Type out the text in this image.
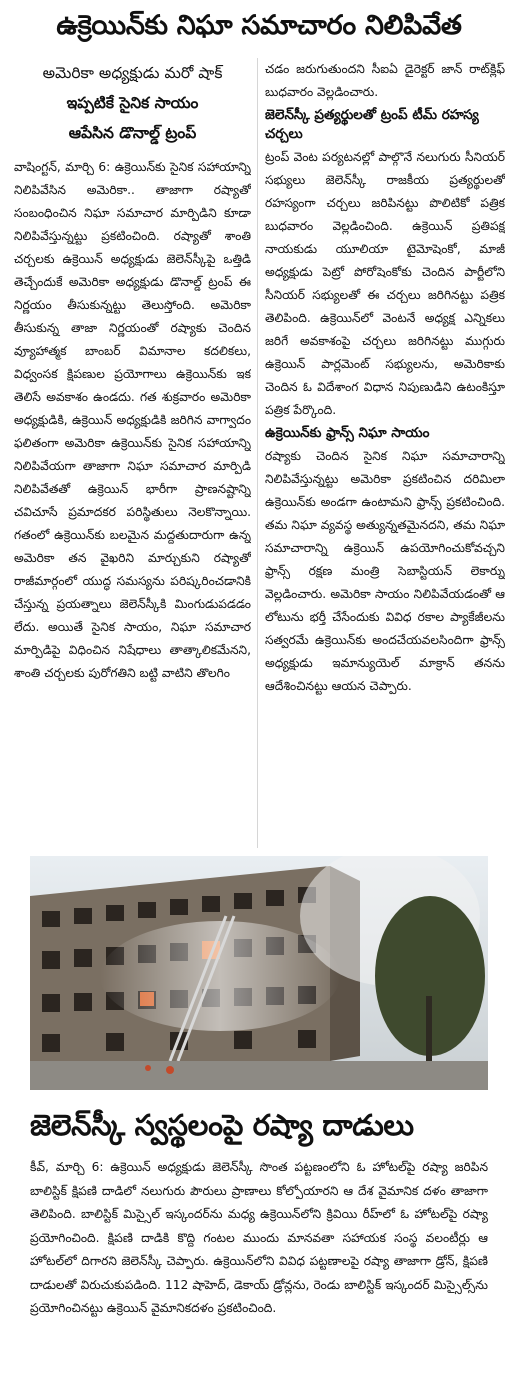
ఉక్రెయిన్‌కు నిఘా సమాచారం నిలిపివేత
అమెరికా అధ్యక్షుడు మరో షాక్
ఇప్పటికే సైనిక సాయం
ఆపేసిన డొనాల్డ్ ట్రంప్

వాషింగ్టన్, మార్చి 6: ఉక్రెయిన్‌కు సైనిక సహాయాన్ని నిలిపివేసిన అమెరికా.. తాజాగా రష్యాతో సంబంధించిన నిఘా సమాచార మార్పిడిని కూడా నిలిపివేస్తున్నట్టు ప్రకటించింది. రష్యాతో శాంతి చర్చలకు ఉక్రెయిన్ అధ్యక్షుడు జెలెన్‌స్కీపై ఒత్తిడి తెచ్చేందుకే అమెరికా అధ్యక్షుడు డొనాల్డ్ ట్రంప్ ఈ నిర్ణయం తీసుకున్నట్టు తెలుస్తోంది. అమెరికా తీసుకున్న తాజా నిర్ణయంతో రష్యాకు చెందిన వ్యూహాత్మక బాంబర్ విమానాల కదలికలు, విధ్వంసక క్షిపణుల ప్రయోగాలు ఉక్రెయిన్‌కు ఇక తెలిసే అవకాశం ఉండదు. గత శుక్రవారం అమెరికా అధ్యక్షుడికి, ఉక్రెయిన్ అధ్యక్షుడికి జరిగిన వాగ్వాదం ఫలితంగా అమెరికా ఉక్రెయిన్‌కు సైనిక సహాయాన్ని నిలిపివేయగా తాజాగా నిఘా సమాచార మార్పిడి నిలిపివేతతో ఉక్రెయిన్ భారీగా ప్రాణనష్టాన్ని చవిచూసే ప్రమాదకర పరిస్థితులు నెలకొన్నాయి. గతంలో ఉక్రెయిన్‌కు బలమైన మద్దతుదారుగా ఉన్న అమెరికా తన వైఖరిని మార్చుకుని రష్యాతో రాజీమార్గంలో యుద్ధ సమస్యను పరిష్కరించడానికి చేస్తున్న ప్రయత్నాలు జెలెన్‌స్కీకి మింగుడుపడడం లేదు. అయితే సైనిక సాయం, నిఘా సమాచార మార్పిడిపై విధించిన నిషేధాలు తాత్కాలికమేనని, శాంతి చర్చలకు పురోగతిని బట్టి వాటిని తొలగిం

చడం జరుగుతుందని సీఐఏ డైరెక్టర్ జాన్ రాట్‌క్లిఫ్ బుధవారం వెల్లడించారు.

జెలెన్‌స్కీ ప్రత్యర్థులతో ట్రంప్ టీమ్ రహస్య చర్చలు

ట్రంప్ వెంట పర్యటనల్లో పాల్గొనే నలుగురు సీనియర్ సభ్యులు జెలెన్‌స్కీ రాజకీయ ప్రత్యర్థులతో రహస్యంగా చర్చలు జరిపినట్టు పొలిటికో పత్రిక బుధవారం వెల్లడించింది. ఉక్రెయిన్ ప్రతిపక్ష నాయకుడు యూలియా టైమోషెంకో, మాజీ అధ్యక్షుడు పెట్రో పోరోషెంకోకు చెందిన పార్టీలోని సీనియర్ సభ్యులతో ఈ చర్చలు జరిగినట్టు పత్రిక తెలిపింది. ఉక్రెయిన్‌లో వెంటనే అధ్యక్ష ఎన్నికలు జరిగే అవకాశంపై చర్చలు జరిగినట్టు ముగ్గురు ఉక్రెయిన్ పార్లమెంట్ సభ్యులను, అమెరికాకు చెందిన ఓ విదేశాంగ విధాన నిపుణుడిని ఉటంకిస్తూ పత్రిక పేర్కొంది.

ఉక్రెయిన్‌కు ఫ్రాన్స్ నిఘా సాయం

రష్యాకు చెందిన సైనిక నిఘా సమాచారాన్ని నిలిపివేస్తున్నట్టు అమెరికా ప్రకటించిన దరిమిలా ఉక్రెయిన్‌కు అండగా ఉంటామని ఫ్రాన్స్ ప్రకటించింది. తమ నిఘా వ్యవస్థ అత్యున్నతమైనదని, తమ నిఘా సమాచారాన్ని ఉక్రెయిన్ ఉపయోగించుకోవచ్చని ఫ్రాన్స్ రక్షణ మంత్రి సెబాస్టియన్ లెకార్ను వెల్లడించారు. అమెరికా సాయం నిలిపివేయడంతో ఆ లోటును భర్తీ చేసేందుకు వివిధ రకాల ప్యాకేజీలను సత్వరమే ఉక్రెయిన్‌కు అందచేయవలసిందిగా ఫ్రాన్స్ అధ్యక్షుడు ఇమాన్యుయెల్ మాక్రాన్ తనను ఆదేశించినట్టు ఆయన చెప్పారు.

జెలెన్‌స్కీ స్వస్థలంపై రష్యా దాడులు
కీవ్, మార్చి 6: ఉక్రెయిన్ అధ్యక్షుడు జెలెన్‌స్కీ సొంత పట్టణంలోని ఓ హోటల్‌పై రష్యా జరిపిన బాలిస్టిక్ క్షిపణి దాడిలో నలుగురు పౌరులు ప్రాణాలు కోల్పోయారని ఆ దేశ వైమానిక దళం తాజాగా తెలిపింది. బాలిస్టిక్ మిస్సైల్ ఇస్కందర్‌ను మధ్య ఉక్రెయిన్‌లోని క్రివియి రీహ్‌లో ఓ హోటల్‌పై రష్యా ప్రయోగించింది. క్షిపణి దాడికి కొద్ది గంటల ముందు మానవతా సహాయక సంస్థ వలంటీర్లు ఆ హోటల్‌లో దిగారని జెలెన్‌స్కీ చెప్పారు. ఉక్రెయిన్‌లోని వివిధ పట్టణాలపై రష్యా తాజాగా డ్రోన్, క్షిపణి దాడులతో విరుచుకుపడింది. 112 షాహెద్, డెకాయ్ డ్రోన్లను, రెండు బాలిస్టిక్ ఇస్కందర్ మిస్సైల్స్‌ను ప్రయోగించినట్టు ఉక్రెయిన్ వైమానికదళం ప్రకటించింది.
